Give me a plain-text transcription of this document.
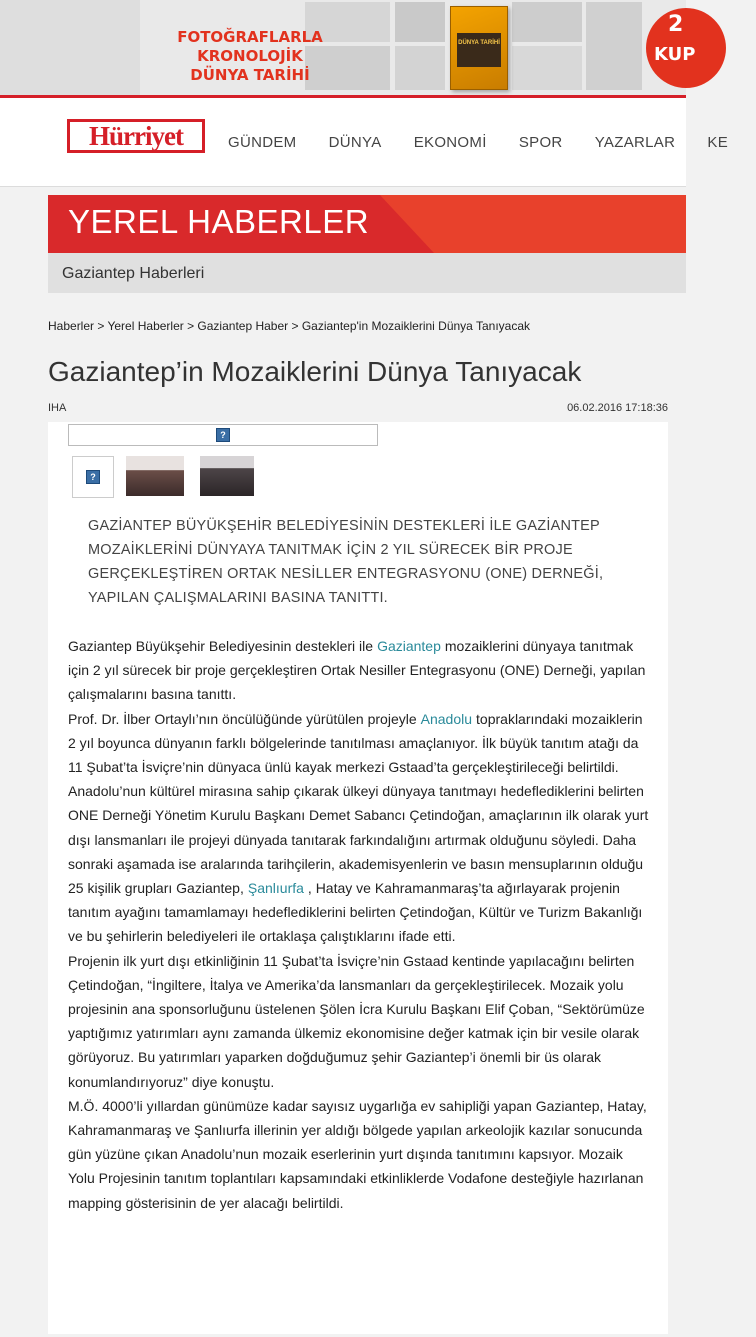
FOTOĞRAFLARLA KRONOLOJİK
DÜNYA TARİHİ
DÜNYA TARİHİ
2
KUP
Hürriyet	GÜNDEM DÜNYA EKONOMİ SPOR YAZARLAR KE
YEREL HABERLER
Gaziantep Haberleri
Haberler > Yerel Haberler > Gaziantep Haber > Gaziantep'in Mozaiklerini Dünya Tanıyacak
Gaziantep’in Mozaiklerini Dünya Tanıyacak
IHA	06.02.2016 17:18:36
?
?
GAZİANTEP BÜYÜKŞEHİR BELEDİYESİNİN DESTEKLERİ İLE GAZİANTEP MOZAİKLERİNİ DÜNYAYA TANITMAK İÇİN 2 YIL SÜRECEK BİR PROJE GERÇEKLEŞTİREN ORTAK NESİLLER ENTEGRASYONU (ONE) DERNEĞİ, YAPILAN ÇALIŞMALARINI BASINA TANITTI.

Gaziantep Büyükşehir Belediyesinin destekleri ile Gaziantep mozaiklerini dünyaya tanıtmak için 2 yıl sürecek bir proje gerçekleştiren Ortak Nesiller Entegrasyonu (ONE) Derneği, yapılan çalışmalarını basına tanıttı.

Prof. Dr. İlber Ortaylı’nın öncülüğünde yürütülen projeyle Anadolu topraklarındaki mozaiklerin 2 yıl boyunca dünyanın farklı bölgelerinde tanıtılması amaçlanıyor. İlk büyük tanıtım atağı da 11 Şubat’ta İsviçre’nin dünyaca ünlü kayak merkezi Gstaad’ta gerçekleştirileceği belirtildi.

Anadolu’nun kültürel mirasına sahip çıkarak ülkeyi dünyaya tanıtmayı hedeflediklerini belirten ONE Derneği Yönetim Kurulu Başkanı Demet Sabancı Çetindoğan, amaçlarının ilk olarak yurt dışı lansmanları ile projeyi dünyada tanıtarak farkındalığını artırmak olduğunu söyledi. Daha sonraki aşamada ise aralarında tarihçilerin, akademisyenlerin ve basın mensuplarının olduğu 25 kişilik grupları Gaziantep, Şanlıurfa , Hatay ve Kahramanmaraş’ta ağırlayarak projenin tanıtım ayağını tamamlamayı hedeflediklerini belirten Çetindoğan, Kültür ve Turizm Bakanlığı ve bu şehirlerin belediyeleri ile ortaklaşa çalıştıklarını ifade etti.

Projenin ilk yurt dışı etkinliğinin 11 Şubat’ta İsviçre’nin Gstaad kentinde yapılacağını belirten Çetindoğan, “İngiltere, İtalya ve Amerika’da lansmanları da gerçekleştirilecek. Mozaik yolu projesinin ana sponsorluğunu üstelenen Şölen İcra Kurulu Başkanı Elif Çoban, “Sektörümüze yaptığımız yatırımları aynı zamanda ülkemiz ekonomisine değer katmak için bir vesile olarak görüyoruz. Bu yatırımları yaparken doğduğumuz şehir Gaziantep’i önemli bir üs olarak konumlandırıyoruz” diye konuştu.

M.Ö. 4000’li yıllardan günümüze kadar sayısız uygarlığa ev sahipliği yapan Gaziantep, Hatay, Kahramanmaraş ve Şanlıurfa illerinin yer aldığı bölgede yapılan arkeolojik kazılar sonucunda gün yüzüne çıkan Anadolu’nun mozaik eserlerinin yurt dışında tanıtımını kapsıyor. Mozaik Yolu Projesinin tanıtım toplantıları kapsamındaki etkinliklerde Vodafone desteğiyle hazırlanan mapping gösterisinin de yer alacağı belirtildi.
